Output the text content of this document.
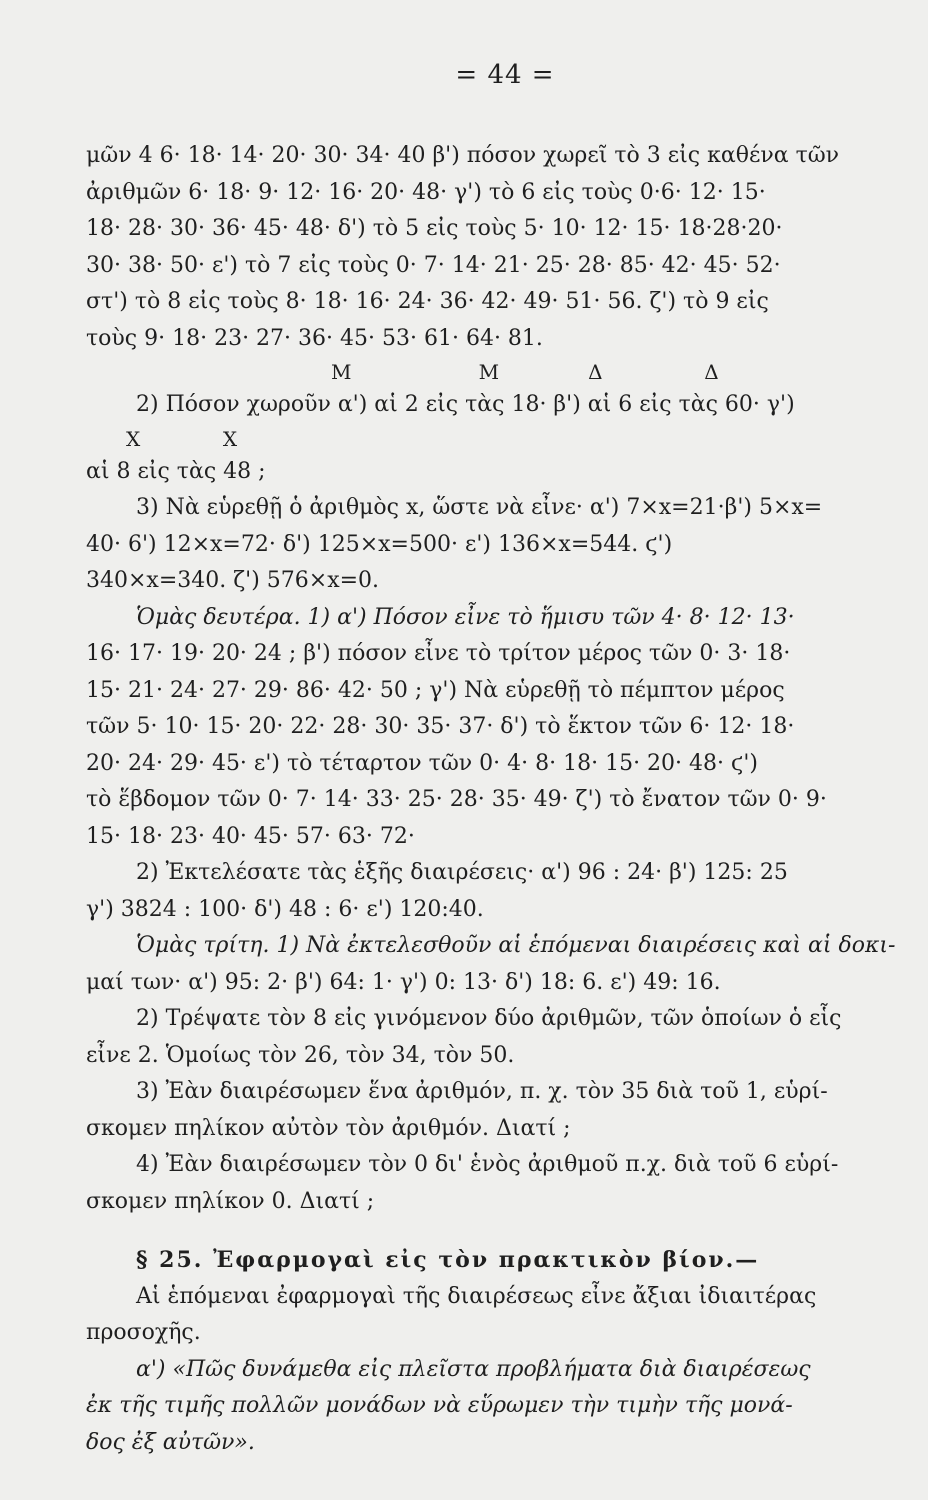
= 44 =
μῶν 4 6· 18· 14· 20· 30· 34· 40 β') πόσον χωρεῖ τὸ 3 εἰς καθένα τῶν
ἀριθμῶν 6· 18· 9· 12· 16· 20· 48· γ') τὸ 6 εἰς τοὺς 0·6· 12· 15·
18· 28· 30· 36· 45· 48· δ') τὸ 5 εἰς τοὺς 5· 10· 12· 15· 18·28·20·
30· 38· 50· ε') τὸ 7 εἰς τοὺς 0· 7· 14· 21· 25· 28· 85· 42· 45· 52·
στ') τὸ 8 εἰς τοὺς 8· 18· 16· 24· 36· 42· 49· 51· 56. ζ') τὸ 9 εἰς
τοὺς 9· 18· 23· 27· 36· 45· 53· 61· 64· 81.
M                    M              Δ                Δ
2) Πόσον χωροῦν α') αἱ 2 εἰς τὰς 18· β') αἱ 6 εἰς τὰς 60· γ')
X             X
αἱ 8 εἰς τὰς 48 ;
3) Νὰ εὑρεθῇ ὁ ἀριθμὸς x, ὥστε νὰ εἶνε· α') 7×x=21·β') 5×x=
40· 6') 12×x=72· δ') 125×x=500· ε') 136×x=544. ϛ')
340×x=340. ζ') 576×x=0.
Ὁμὰς δευτέρα. 1) α') Πόσον εἶνε τὸ ἥμισυ τῶν 4· 8· 12· 13·
16· 17· 19· 20· 24 ; β') πόσον εἶνε τὸ τρίτον μέρος τῶν 0· 3· 18·
15· 21· 24· 27· 29· 86· 42· 50 ; γ') Νὰ εὑρεθῇ τὸ πέμπτον μέρος
τῶν 5· 10· 15· 20· 22· 28· 30· 35· 37· δ') τὸ ἕκτον τῶν 6· 12· 18·
20· 24· 29· 45· ε') τὸ τέταρτον τῶν 0· 4· 8· 18· 15· 20· 48· ϛ')
τὸ ἕβδομον τῶν 0· 7· 14· 33· 25· 28· 35· 49· ζ') τὸ ἔνατον τῶν 0· 9·
15· 18· 23· 40· 45· 57· 63· 72·
2) Ἐκτελέσατε τὰς ἑξῆς διαιρέσεις· α') 96 : 24· β') 125: 25
γ') 3824 : 100· δ') 48 : 6· ε') 120:40.
Ὁμὰς τρίτη. 1) Νὰ ἐκτελεσθοῦν αἱ ἑπόμεναι διαιρέσεις καὶ αἱ δοκι-
μαί των· α') 95: 2· β') 64: 1· γ') 0: 13· δ') 18: 6. ε') 49: 16.
2) Τρέψατε τὸν 8 εἰς γινόμενον δύο ἀριθμῶν, τῶν ὁποίων ὁ εἷς
εἶνε 2. Ὁμοίως τὸν 26, τὸν 34, τὸν 50.
3) Ἐὰν διαιρέσωμεν ἕνα ἀριθμόν, π. χ. τὸν 35 διὰ τοῦ 1, εὑρί-
σκομεν πηλίκον αὐτὸν τὸν ἀριθμόν. Διατί ;
4) Ἐὰν διαιρέσωμεν τὸν 0 δι' ἑνὸς ἀριθμοῦ π.χ. διὰ τοῦ 6 εὑρί-
σκομεν πηλίκον 0. Διατί ;
§ 25. Ἐφαρμογαὶ εἰς τὸν πρακτικὸν βίον.—
Αἱ ἑπόμεναι ἐφαρμογαὶ τῆς διαιρέσεως εἶνε ἄξιαι ἰδιαιτέρας
προσοχῆς.
α') «Πῶς δυνάμεθα εἰς πλεῖστα προβλήματα διὰ διαιρέσεως
ἐκ τῆς τιμῆς πολλῶν μονάδων νὰ εὕρωμεν τὴν τιμὴν τῆς μονά-
δος ἐξ αὐτῶν».
